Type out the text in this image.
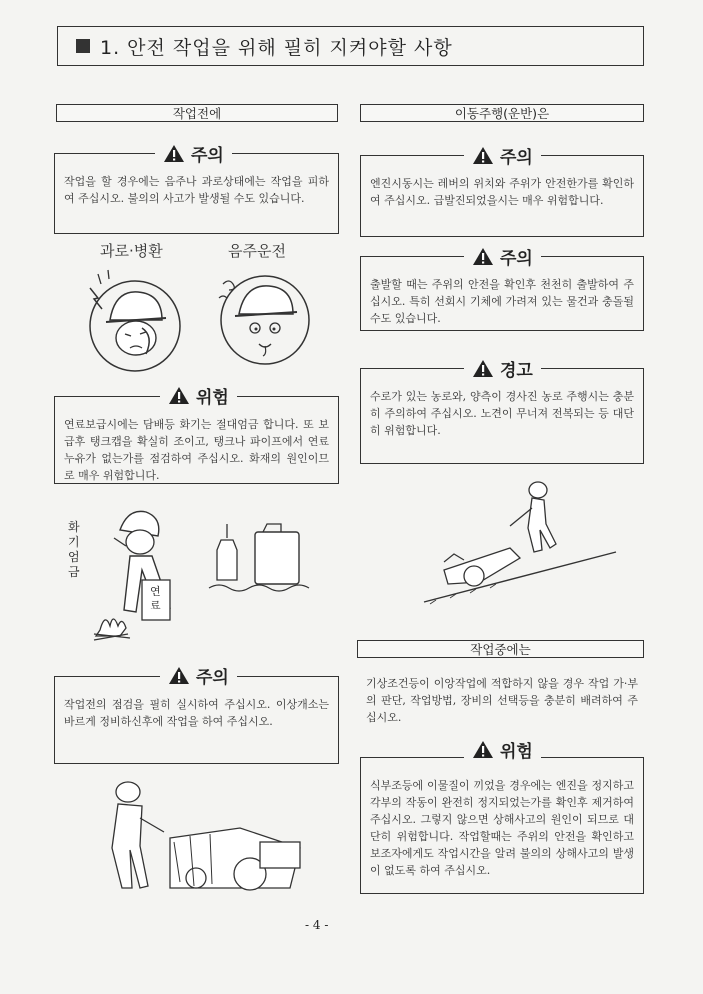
1. 안전 작업을 위해 필히 지켜야할 사항
작업전에
작업을 할 경우에는 음주나 과로상태에는 작업을 피하여 주십시오. 불의의 사고가 발생될 수도 있습니다.
주의
과로·병환	음주운전
연료보급시에는 담배등 화기는 절대엄금 합니다. 또 보급후 탱크캡을 확실히 조이고, 탱크나 파이프에서 연료누유가 없는가를 점검하여 주십시오. 화재의 원인이므로 매우 위험합니다.
위험
화기엄금
연료
작업전의 점검을 필히 실시하여 주십시오. 이상개소는 바르게 정비하신후에 작업을 하여 주십시오.
주의
이동주행(운반)은
엔진시동시는 레버의 위치와 주위가 안전한가를 확인하여 주십시오. 급발진되었을시는 매우 위험합니다.
주의
출발할 때는 주위의 안전을 확인후 천천히 출발하여 주십시오. 특히 선회시 기체에 가려져 있는 물건과 충돌될 수도 있습니다.
주의
수로가 있는 농로와, 양측이 경사진 농로 주행시는 충분히 주의하여 주십시오. 노견이 무너져 전복되는 등 대단히 위험합니다.
경고
작업중에는
기상조건등이 이앙작업에 적합하지 않을 경우 작업 가·부의 판단, 작업방법, 장비의 선택등을 충분히 배려하여 주십시오.
식부조등에 이물질이 끼었을 경우에는 엔진을 정지하고 각부의 작동이 완전히 정지되었는가를 확인후 제거하여 주십시오. 그렇지 않으면 상해사고의 원인이 되므로 대단히 위험합니다. 작업할때는 주위의 안전을 확인하고 보조자에게도 작업시간을 알려 불의의 상해사고의 발생이 없도록 하여 주십시오.
위험
- 4 -
